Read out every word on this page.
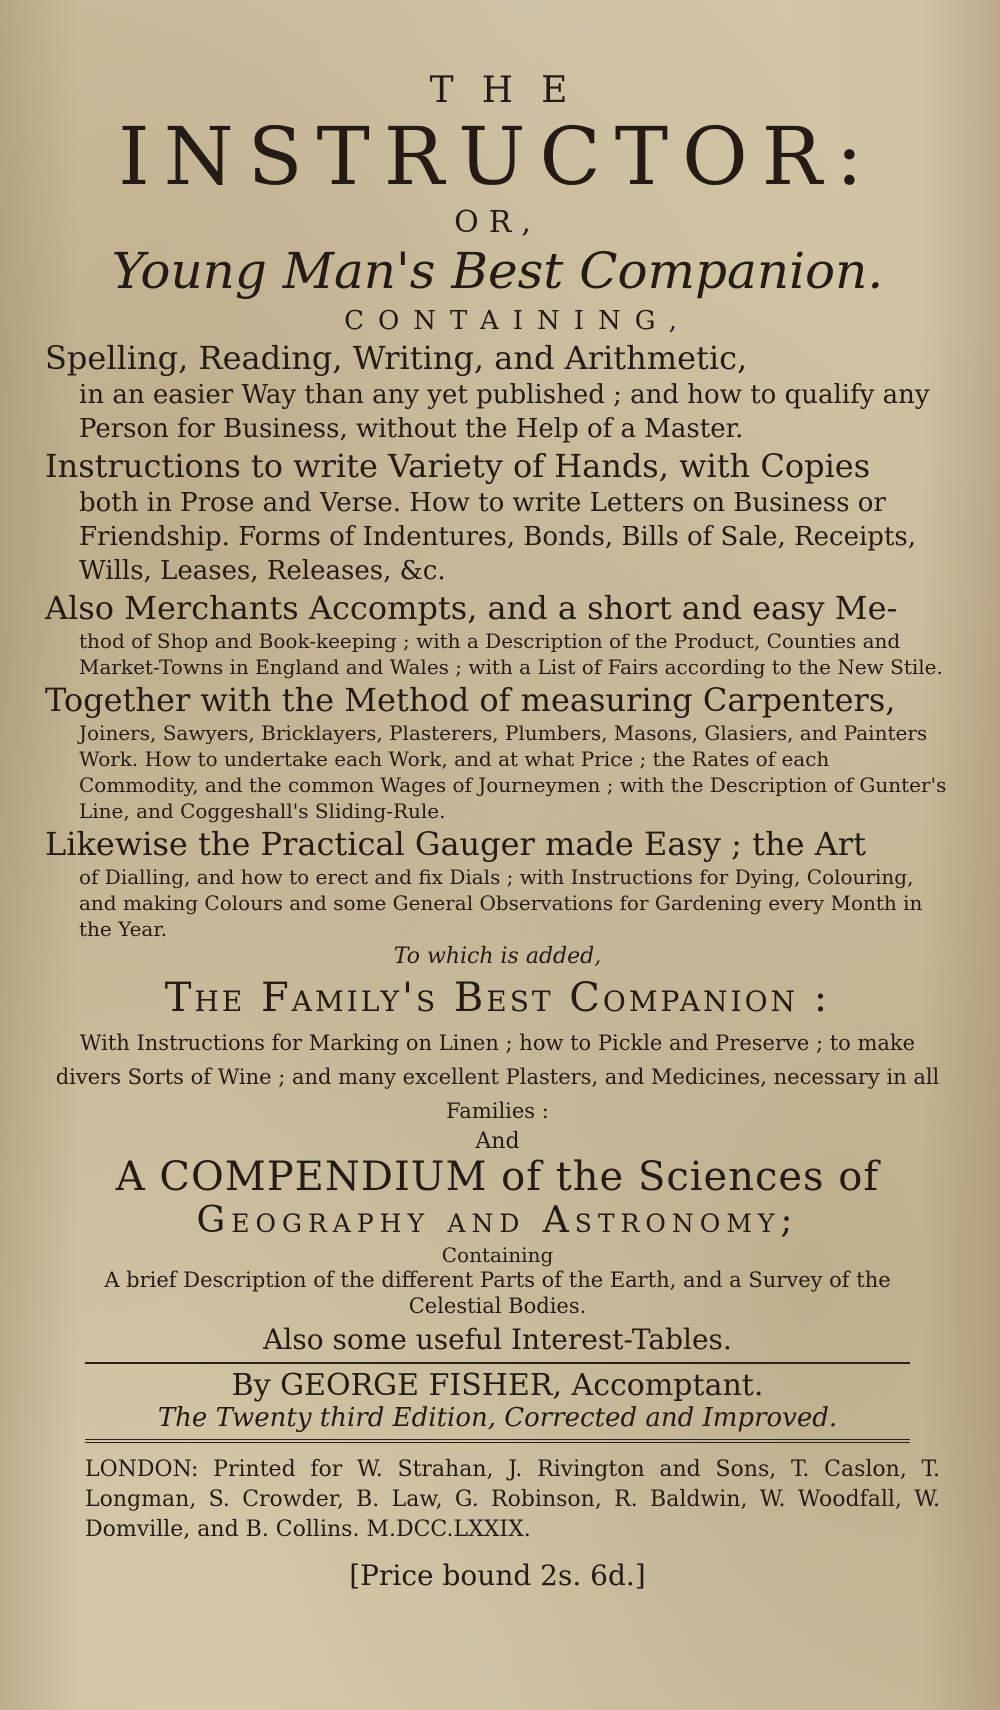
THE
INSTRUCTOR:
OR,
Young Man's Best Companion.
CONTAINING,
Spelling, Reading, Writing, and Arithmetic,
in an easier Way than any yet published ; and how to qualify any Person for Business, without the Help of a Master.
Instructions to write Variety of Hands, with Copies
both in Prose and Verse. How to write Letters on Business or Friendship. Forms of Indentures, Bonds, Bills of Sale, Receipts, Wills, Leases, Releases, &c.
Also Merchants Accompts, and a short and easy Me-
thod of Shop and Book-keeping ; with a Description of the Product, Counties and Market-Towns in England and Wales ; with a List of Fairs according to the New Stile.
Together with the Method of measuring Carpenters,
Joiners, Sawyers, Bricklayers, Plasterers, Plumbers, Masons, Glasiers, and Painters Work. How to undertake each Work, and at what Price ; the Rates of each Commodity, and the common Wages of Journeymen ; with the Description of Gunter's Line, and Coggeshall's Sliding-Rule.
Likewise the Practical Gauger made Easy ; the Art
of Dialling, and how to erect and fix Dials ; with Instructions for Dying, Colouring, and making Colours and some General Observations for Gardening every Month in the Year.
To which is added,
The Family's Best Companion :
With Instructions for Marking on Linen ; how to Pickle and Preserve ; to make divers Sorts of Wine ; and many excellent Plasters, and Medicines, necessary in all Families :
And
A COMPENDIUM of the Sciences of
Geography and Astronomy;
Containing
A brief Description of the different Parts of the Earth, and a Survey of the Celestial Bodies.
Also some useful Interest-Tables.
By GEORGE FISHER, Accomptant.
The Twenty third Edition, Corrected and Improved.
LONDON: Printed for W. Strahan, J. Rivington and Sons, T. Caslon, T. Longman, S. Crowder, B. Law, G. Robinson, R. Baldwin, W. Woodfall, W. Domville, and B. Collins. M.DCC.LXXIX.
[Price bound 2s. 6d.]
